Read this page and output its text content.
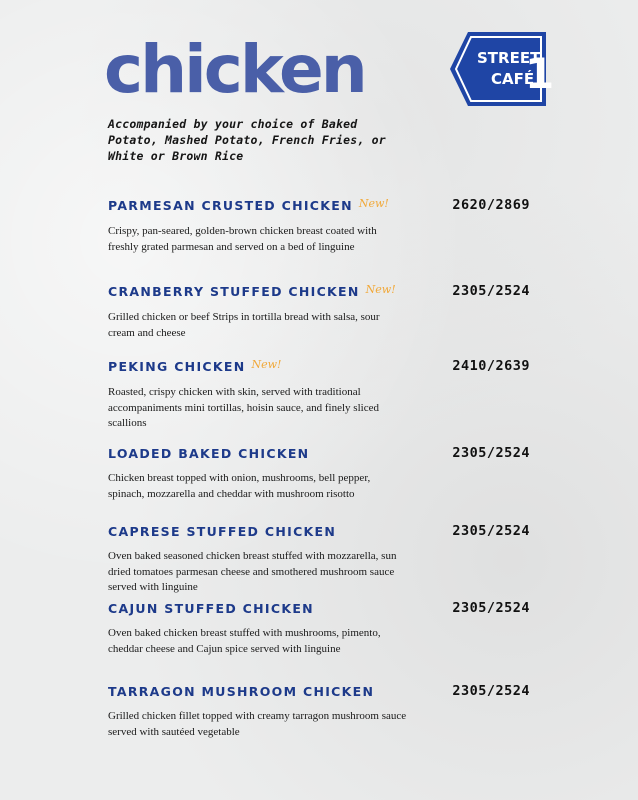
chicken	STREET
CAFÉ
1
Accompanied by your choice of Baked Potato, Mashed Potato, French Fries, or White or Brown Rice
PARMESAN CRUSTED CHICKEN New!	2620/2869
Crispy, pan-seared, golden-brown chicken breast coated with freshly grated parmesan and served on a bed of linguine
CRANBERRY STUFFED CHICKEN New!	2305/2524
Grilled chicken or beef Strips in tortilla bread with salsa, sour cream and cheese
PEKING CHICKEN New!	2410/2639
Roasted, crispy chicken with skin, served with traditional accompaniments mini tortillas, hoisin sauce, and finely sliced scallions
LOADED BAKED CHICKEN	2305/2524
Chicken breast topped with onion, mushrooms, bell pepper, spinach, mozzarella and cheddar with mushroom risotto
CAPRESE STUFFED CHICKEN	2305/2524
Oven baked seasoned chicken breast stuffed with mozzarella, sun dried tomatoes parmesan cheese and smothered mushroom sauce served with linguine
CAJUN STUFFED CHICKEN	2305/2524
Oven baked chicken breast stuffed with mushrooms, pimento, cheddar cheese and Cajun spice served with linguine
TARRAGON MUSHROOM CHICKEN	2305/2524
Grilled chicken fillet topped with creamy tarragon mushroom sauce served with sautéed vegetable
